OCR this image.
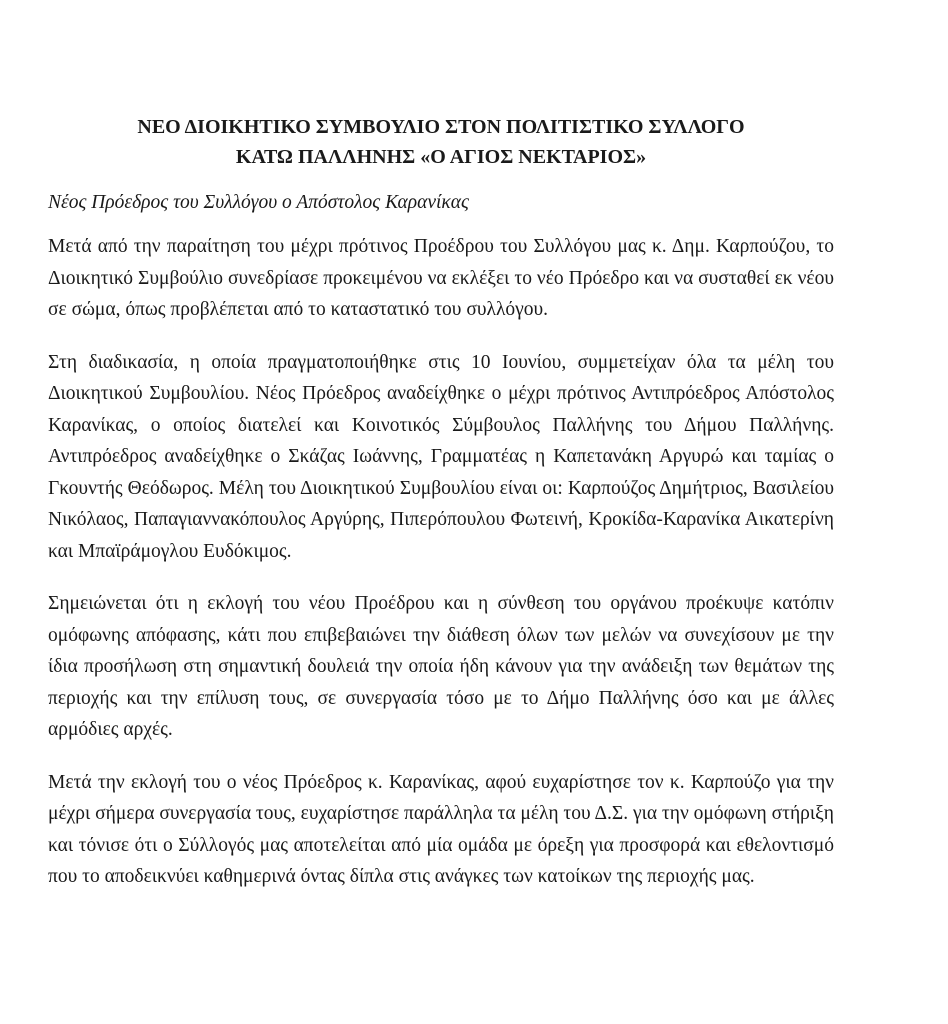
ΝΕΟ ΔΙΟΙΚΗΤΙΚΟ ΣΥΜΒΟΥΛΙΟ ΣΤΟΝ ΠΟΛΙΤΙΣΤΙΚΟ ΣΥΛΛΟΓΟ
ΚΑΤΩ ΠΑΛΛΗΝΗΣ «Ο ΑΓΙΟΣ ΝΕΚΤΑΡΙΟΣ»

Νέος Πρόεδρος του Συλλόγου ο Απόστολος Καρανίκας

Μετά από την παραίτηση του μέχρι πρότινος Προέδρου του Συλλόγου μας κ. Δημ. Καρπούζου, το Διοικητικό Συμβούλιο συνεδρίασε προκειμένου να εκλέξει το νέο Πρόεδρο και να συσταθεί εκ νέου σε σώμα, όπως προβλέπεται από το καταστατικό του συλλόγου.

Στη διαδικασία, η οποία πραγματοποιήθηκε στις 10 Ιουνίου, συμμετείχαν όλα τα μέλη του Διοικητικού Συμβουλίου. Νέος Πρόεδρος αναδείχθηκε ο μέχρι πρότινος Αντιπρόεδρος Απόστολος Καρανίκας, ο οποίος διατελεί και Κοινοτικός Σύμβουλος Παλλήνης του Δήμου Παλλήνης. Αντιπρόεδρος αναδείχθηκε ο Σκάζας Ιωάννης, Γραμματέας η Καπετανάκη Αργυρώ και ταμίας ο Γκουντής Θεόδωρος. Μέλη του Διοικητικού Συμβουλίου είναι οι: Καρπούζος Δημήτριος, Βασιλείου Νικόλαος, Παπαγιαννακόπουλος Αργύρης, Πιπερόπουλου Φωτεινή, Κροκίδα-Καρανίκα Αικατερίνη και Μπαϊράμογλου Ευδόκιμος.

Σημειώνεται ότι η εκλογή του νέου Προέδρου και η σύνθεση του οργάνου προέκυψε κατόπιν ομόφωνης απόφασης, κάτι που επιβεβαιώνει την διάθεση όλων των μελών να συνεχίσουν με την ίδια προσήλωση στη σημαντική δουλειά την οποία ήδη κάνουν για την ανάδειξη των θεμάτων της περιοχής και την επίλυση τους, σε συνεργασία τόσο με το Δήμο Παλλήνης όσο και με άλλες αρμόδιες αρχές.

Μετά την εκλογή του ο νέος Πρόεδρος κ. Καρανίκας, αφού ευχαρίστησε τον κ. Καρπούζο για την μέχρι σήμερα συνεργασία τους, ευχαρίστησε παράλληλα τα μέλη του Δ.Σ. για την ομόφωνη στήριξη και τόνισε ότι ο Σύλλογός μας αποτελείται από μία ομάδα με όρεξη για προσφορά και εθελοντισμό που το αποδεικνύει καθημερινά όντας δίπλα στις ανάγκες των κατοίκων της περιοχής μας.
